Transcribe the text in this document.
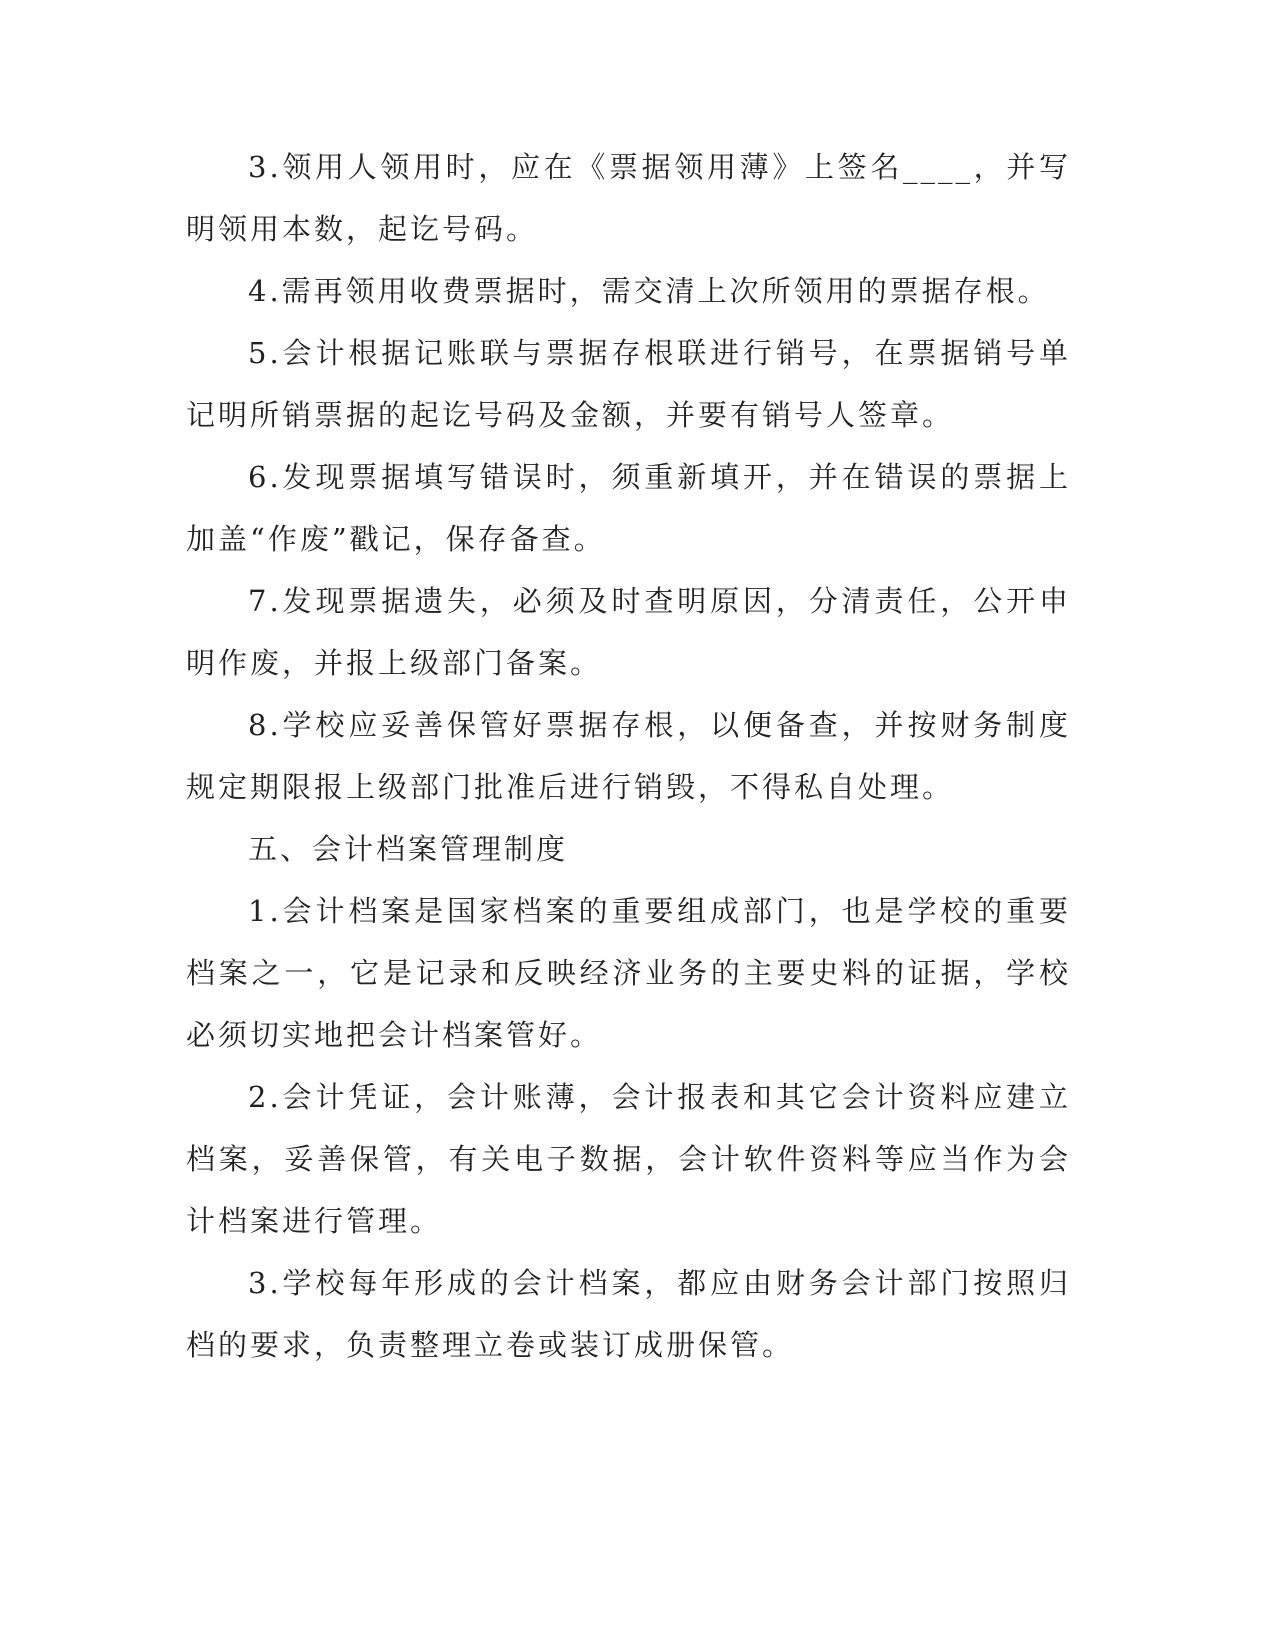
3.领用人领用时，应在《票据领用薄》上签名____，并写明领用本数，起讫号码。

4.需再领用收费票据时，需交清上次所领用的票据存根。

5.会计根据记账联与票据存根联进行销号，在票据销号单记明所销票据的起讫号码及金额，并要有销号人签章。

6.发现票据填写错误时，须重新填开，并在错误的票据上加盖“作废”戳记，保存备查。

7.发现票据遗失，必须及时查明原因，分清责任，公开申明作废，并报上级部门备案。

8.学校应妥善保管好票据存根，以便备查，并按财务制度规定期限报上级部门批准后进行销毁，不得私自处理。

五、会计档案管理制度

1.会计档案是国家档案的重要组成部门，也是学校的重要档案之一，它是记录和反映经济业务的主要史料的证据，学校必须切实地把会计档案管好。

2.会计凭证，会计账薄，会计报表和其它会计资料应建立档案，妥善保管，有关电子数据，会计软件资料等应当作为会计档案进行管理。

3.学校每年形成的会计档案，都应由财务会计部门按照归档的要求，负责整理立卷或装订成册保管。
